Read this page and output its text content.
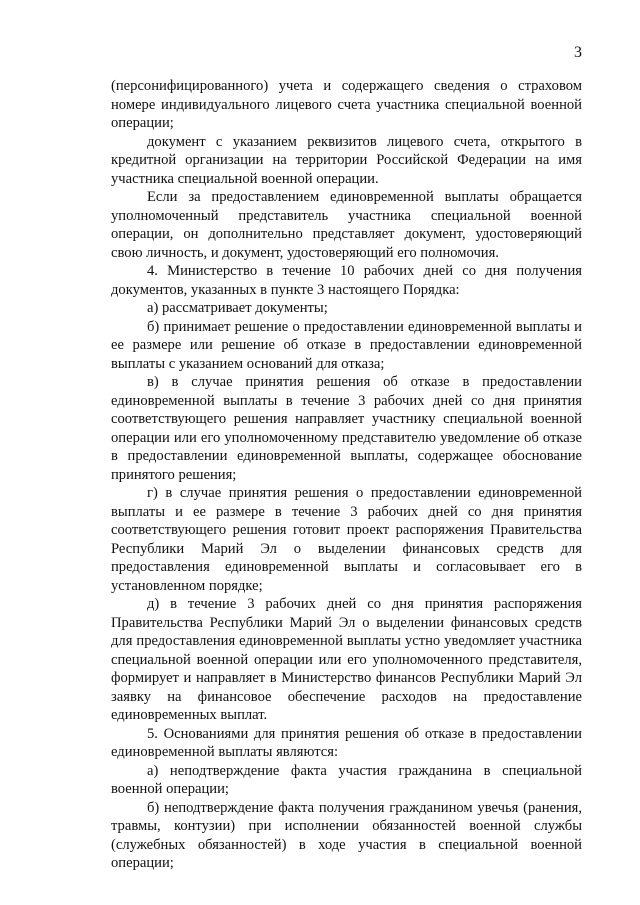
3

(персонифицированного) учета и содержащего сведения о страховом номере индивидуального лицевого счета участника специальной военной операции;

документ с указанием реквизитов лицевого счета, открытого в кредитной организации на территории Российской Федерации на имя участника специальной военной операции.

Если за предоставлением единовременной выплаты обращается уполномоченный представитель участника специальной военной операции, он дополнительно представляет документ, удостоверяющий свою личность, и документ, удостоверяющий его полномочия.

4. Министерство в течение 10 рабочих дней со дня получения документов, указанных в пункте 3 настоящего Порядка:

а) рассматривает документы;

б) принимает решение о предоставлении единовременной выплаты и ее размере или решение об отказе в предоставлении единовременной выплаты с указанием оснований для отказа;

в) в случае принятия решения об отказе в предоставлении единовременной выплаты в течение 3 рабочих дней со дня принятия соответствующего решения направляет участнику специальной военной операции или его уполномоченному представителю уведомление об отказе в предоставлении единовременной выплаты, содержащее обоснование принятого решения;

г) в случае принятия решения о предоставлении единовременной выплаты и ее размере в течение 3 рабочих дней со дня принятия соответствующего решения готовит проект распоряжения Правительства Республики Марий Эл о выделении финансовых средств для предоставления единовременной выплаты и согласовывает его в установленном порядке;

д) в течение 3 рабочих дней со дня принятия распоряжения Правительства Республики Марий Эл о выделении финансовых средств для предоставления единовременной выплаты устно уведомляет участника специальной военной операции или его уполномоченного представителя, формирует и направляет в Министерство финансов Республики Марий Эл заявку на финансовое обеспечение расходов на предоставление единовременных выплат.

5. Основаниями для принятия решения об отказе в предоставлении единовременной выплаты являются:

а) неподтверждение факта участия гражданина в специальной военной операции;

б) неподтверждение факта получения гражданином увечья (ранения, травмы, контузии) при исполнении обязанностей военной службы (служебных обязанностей) в ходе участия в специальной военной операции;
